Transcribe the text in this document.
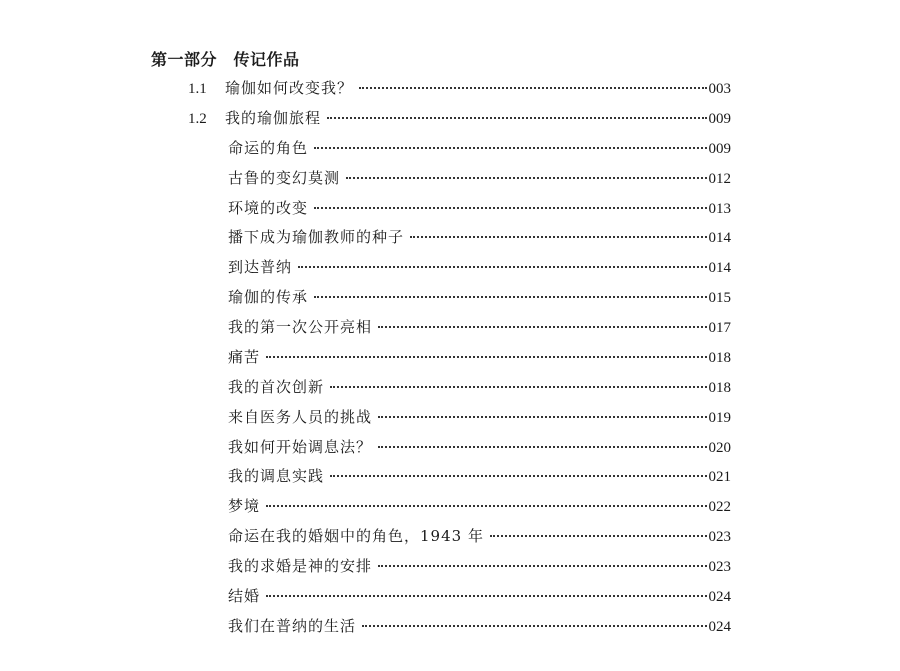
第一部分　传记作品
1.1	瑜伽如何改变我？	003
1.2	我的瑜伽旅程	009
命运的角色	009
古鲁的变幻莫测	012
环境的改变	013
播下成为瑜伽教师的种子	014
到达普纳	014
瑜伽的传承	015
我的第一次公开亮相	017
痛苦	018
我的首次创新	018
来自医务人员的挑战	019
我如何开始调息法？	020
我的调息实践	021
梦境	022
命运在我的婚姻中的角色，1943 年	023
我的求婚是神的安排	023
结婚	024
我们在普纳的生活	024
